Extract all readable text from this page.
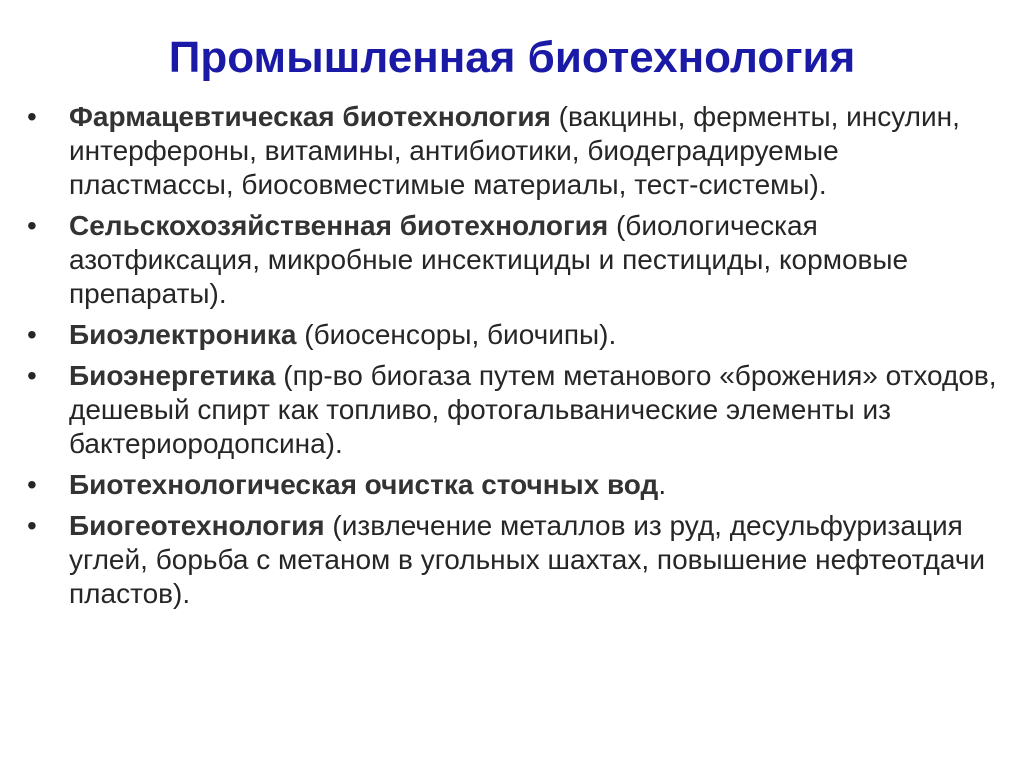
Промышленная биотехнология
• Фармацевтическая биотехнология (вакцины, ферменты, инсулин, интерфероны, витамины, антибиотики, биодеградируемые пластмассы, биосовместимые материалы, тест-системы).
• Сельскохозяйственная биотехнология (биологическая азотфиксация, микробные инсектициды и пестициды, кормовые препараты).
• Биоэлектроника (биосенсоры, биочипы).
• Биоэнергетика (пр-во биогаза путем метанового «брожения» отходов, дешевый спирт как топливо, фотогальванические элементы из бактериородопсина).
• Биотехнологическая очистка сточных вод.
• Биогеотехнология (извлечение металлов из руд, десульфуризация углей, борьба с метаном в угольных шахтах, повышение нефтеотдачи пластов).
